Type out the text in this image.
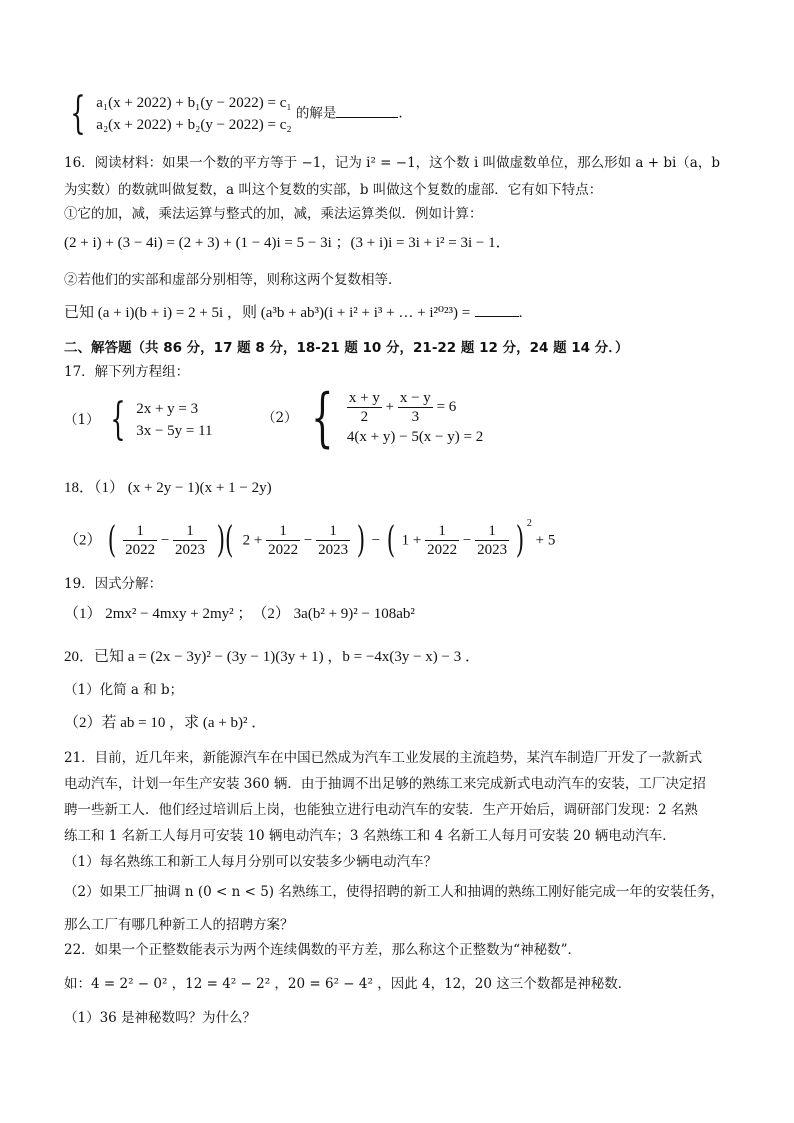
{ a₁(x + 2022) + b₁(y − 2022) = c₁
a₂(x + 2022) + b₂(y − 2022) = c₂
的解是	.
16．阅读材料：如果一个数的平方等于 −1，记为 i² = −1，这个数 i 叫做虚数单位，那么形如 a + bi（a，b
为实数）的数就叫做复数，a 叫这个复数的实部，b 叫做这个复数的虚部．它有如下特点：
①它的加，减，乘法运算与整式的加，减，乘法运算类似．例如计算：
(2 + i) + (3 − 4i) = (2 + 3) + (1 − 4)i = 5 − 3i ；(3 + i)i = 3i + i² = 3i − 1．
②若他们的实部和虚部分别相等，则称这两个复数相等．
已知 (a + i)(b + i) = 2 + 5i ，则 (a³b + ab³)(i + i² + i³ + … + i²⁰²³) =	．
二、解答题（共 86 分，17 题 8 分，18-21 题 10 分，21-22 题 12 分，24 题 14 分．）
17．解下列方程组：
（1） { 2x + y = 3
3x − 5y = 11
（2） { $\frac{x + y}{2} + \frac{x - y}{3} = 6$
4(x + y) − 5(x − y) = 2
18．（1） (x + 2y − 1)(x + 1 − 2y)
（2） ( $\frac{1}{2022} - \frac{1}{2023}$ )( $2 + \frac{1}{2022} - \frac{1}{2023}$ ) − ( $1 + \frac{1}{2022} - \frac{1}{2023}$ ) $^2$ + 5
19．因式分解：
（1） 2mx² − 4mxy + 2my² ；　（2） 3a(b² + 9)² − 108ab²
20．已知 a = (2x − 3y)² − (3y − 1)(3y + 1) ，b = −4x(3y − x) − 3 ．
（1）化简 a 和 b；
（2）若 ab = 10 ，求 (a + b)² ．
21．目前，近几年来，新能源汽车在中国已然成为汽车工业发展的主流趋势，某汽车制造厂开发了一款新式
电动汽车，计划一年生产安装 360 辆．由于抽调不出足够的熟练工来完成新式电动汽车的安装，工厂决定招
聘一些新工人．他们经过培训后上岗，也能独立进行电动汽车的安装．生产开始后，调研部门发现：2 名熟
练工和 1 名新工人每月可安装 10 辆电动汽车；3 名熟练工和 4 名新工人每月可安装 20 辆电动汽车．
（1）每名熟练工和新工人每月分别可以安装多少辆电动汽车？
（2）如果工厂抽调 n (0 < n < 5) 名熟练工，使得招聘的新工人和抽调的熟练工刚好能完成一年的安装任务，
那么工厂有哪几种新工人的招聘方案？
22．如果一个正整数能表示为两个连续偶数的平方差，那么称这个正整数为“神秘数”．
如：4 = 2² − 0² ，12 = 4² − 2² ，20 = 6² − 4² ，因此 4，12，20 这三个数都是神秘数．
（1）36 是神秘数吗？为什么？
